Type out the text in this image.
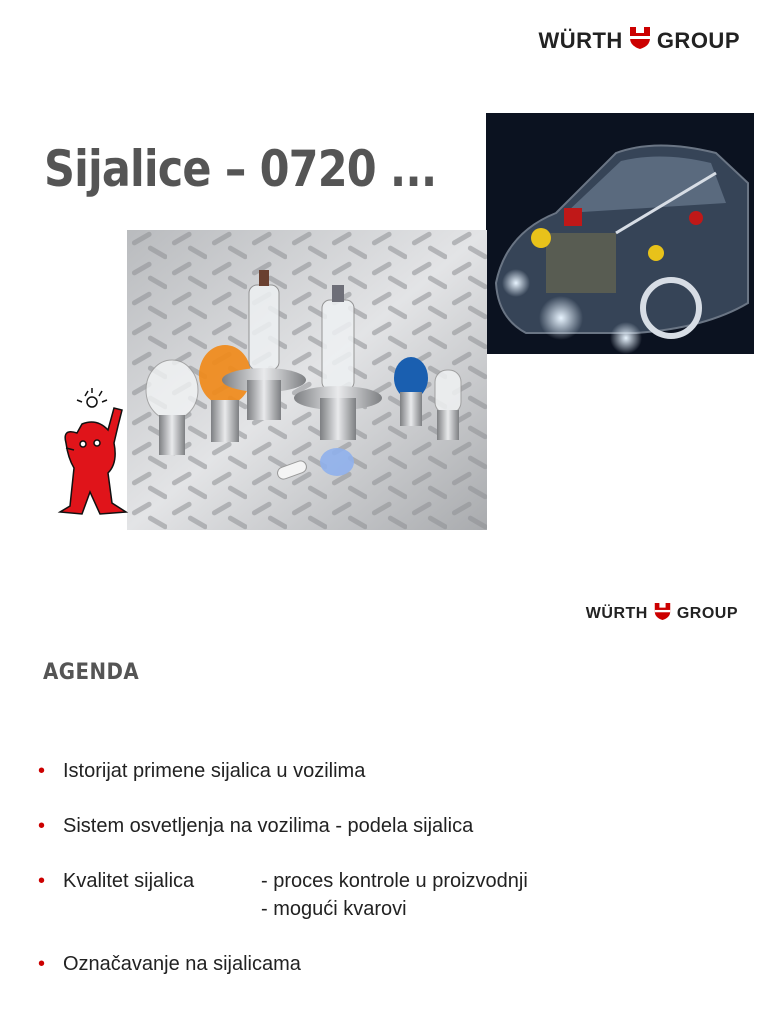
WÜRTH GROUP
Sijalice – 0720 ...
WÜRTH GROUP
AGENDA
• Istorijat primene sijalica u vozilima
• Sistem osvetljenja na vozilima - podela sijalica
• Kvalitet sijalica	- proces kontrole u proizvodnji
- mogući kvarovi
• Označavanje na sijalicama
